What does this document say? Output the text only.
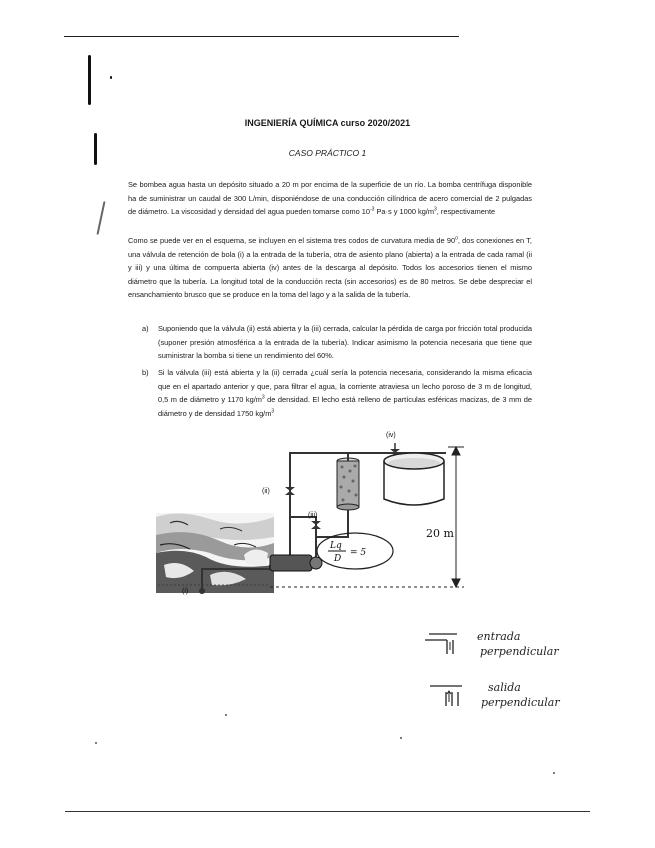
INGENIERÍA QUÍMICA curso 2020/2021

CASO PRÁCTICO 1

Se bombea agua hasta un depósito situado a 20 m por encima de la superficie de un río. La bomba centrífuga disponible ha de suministrar un caudal de 300 L/min, disponiéndose de una conducción cilíndrica de acero comercial de 2 pulgadas de diámetro. La viscosidad y densidad del agua pueden tomarse como $10^{-3}$ Pa·s y 1000 $kg/m^3$, respectivamente

Como se puede ver en el esquema, se incluyen en el sistema tres codos de curvatura media de 90$^o$, dos conexiones en T, una válvula de retención de bola (i) a la entrada de la tubería, otra de asiento plano (abierta) a la entrada de cada ramal (ii y iii) y una última de compuerta abierta (iv) antes de la descarga al depósito. Todos los accesorios tienen el mismo diámetro que la tubería. La longitud total de la conducción recta (sin accesorios) es de 80 metros. Se debe despreciar el ensanchamiento brusco que se produce en la toma del lago y a la salida de la tubería.

a) Suponiendo que la válvula (ii) está abierta y la (iii) cerrada, calcular la pérdida de carga por fricción total producida (suponer presión atmosférica a la entrada de la tubería). Indicar asimismo la potencia necesaria que tiene que suministrar la bomba si tiene un rendimiento del 60%.
b) Si la válvula (iii) está abierta y la (ii) cerrada ¿cuál sería la potencia necesaria, considerando la misma eficacia que en el apartado anterior y que, para filtrar el agua, la corriente atraviesa un lecho poroso de 3 m de longitud, 0,5 m de diámetro y 1170 $kg/m^3$ de densidad. El lecho está relleno de partículas esféricas macizas, de 3 mm de diámetro y de densidad 1750 $kg/m^3$
20 m
(i)
(ii)
(iii)
(iv)
Lq
D
= 5
entrada
perpendicular
salida
perpendicular
